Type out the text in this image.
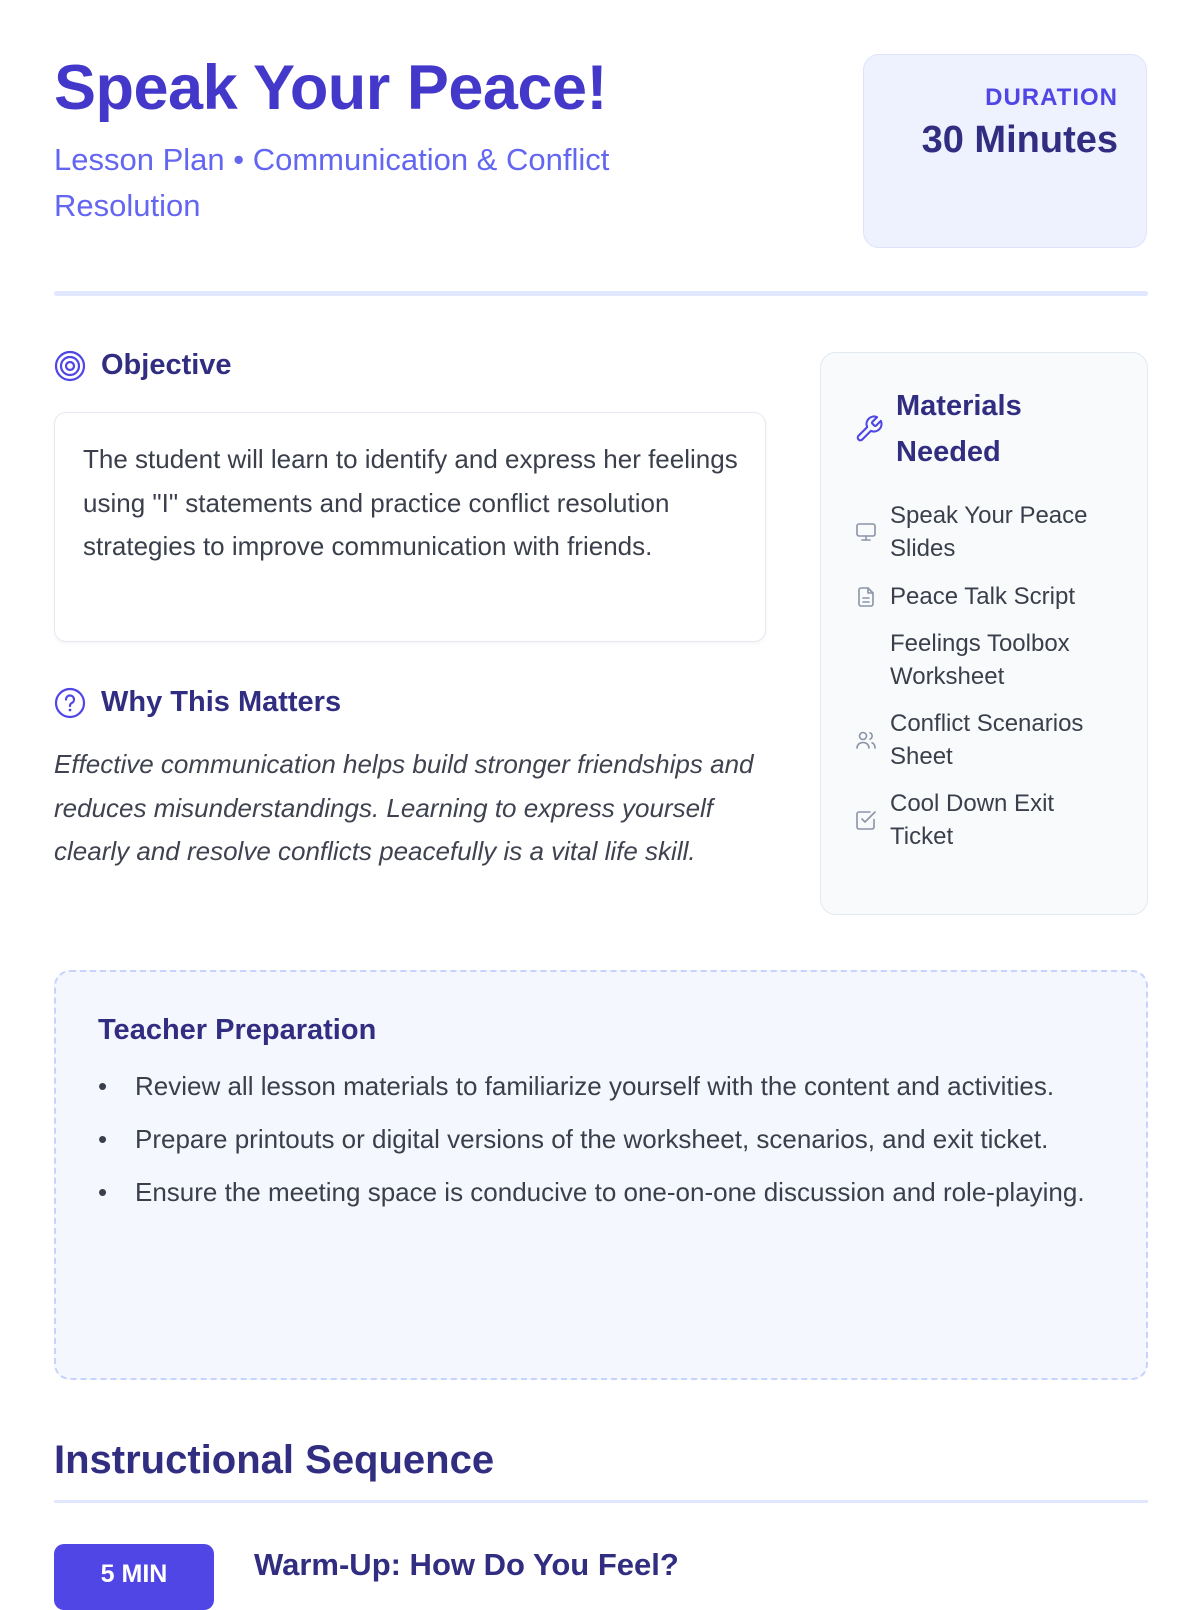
Speak Your Peace!

Lesson Plan • Communication & Conflict Resolution

DURATION
30 Minutes
Objective
The student will learn to identify and express her feelings using "I" statements and practice conflict resolution strategies to improve communication with friends.
Why This Matters

Effective communication helps build stronger friendships and reduces misunderstandings. Learning to express yourself clearly and resolve conflicts peacefully is a vital life skill.

Materials Needed
Speak Your Peace Slides
Peace Talk Script
Feelings Toolbox Worksheet
Conflict Scenarios Sheet
Cool Down Exit Ticket
Teacher Preparation
• Review all lesson materials to familiarize yourself with the content and activities.
• Prepare printouts or digital versions of the worksheet, scenarios, and exit ticket.
• Ensure the meeting space is conducive to one-on-one discussion and role-playing.
Instructional Sequence
5 MIN	Warm-Up: How Do You Feel?
